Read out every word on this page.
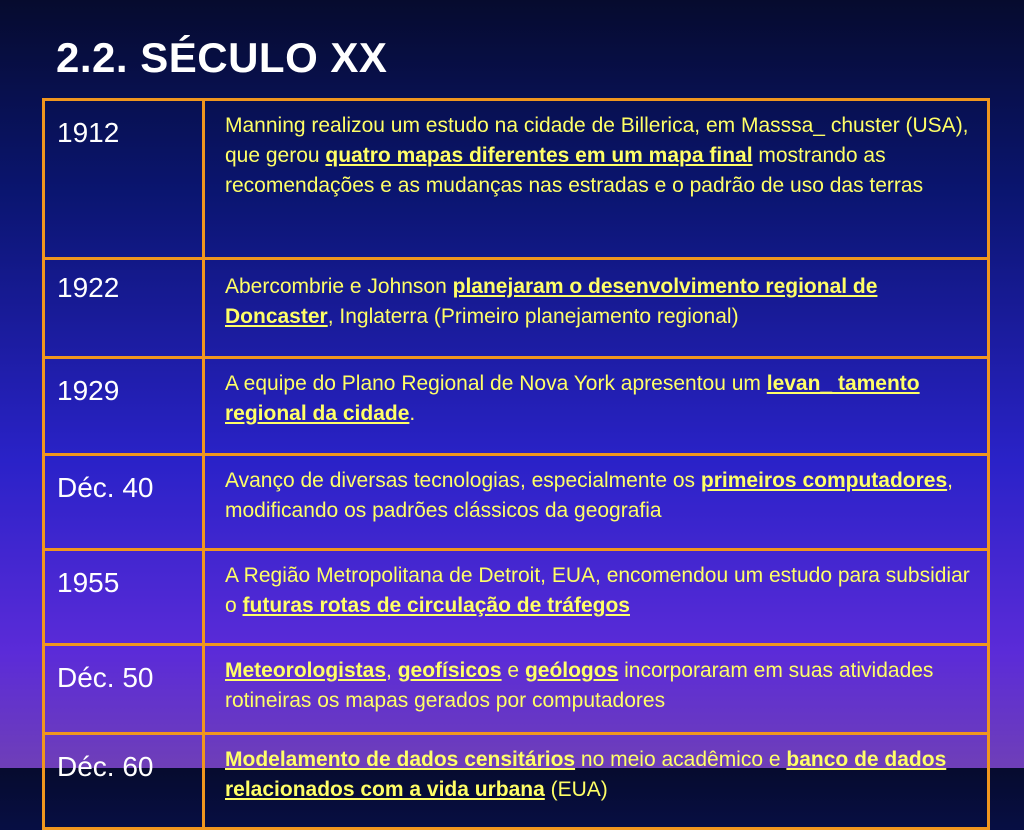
2.2. SÉCULO XX
1912	Manning realizou um estudo na cidade de Billerica, em Masssa_ chuster (USA), que gerou quatro mapas diferentes em um mapa final mostrando as recomendações e as mudanças nas estradas e o padrão de uso das terras
1922	Abercombrie e Johnson planejaram o desenvolvimento regional de Doncaster, Inglaterra (Primeiro planejamento regional)
1929	A equipe do Plano Regional de Nova York apresentou um levan_ tamento regional da cidade.
Déc. 40	Avanço de diversas tecnologias, especialmente os primeiros computadores, modificando os padrões clássicos da geografia
1955	A Região Metropolitana de Detroit, EUA, encomendou um estudo para subsidiar o futuras rotas de circulação de tráfegos
Déc. 50	Meteorologistas, geofísicos e geólogos incorporaram em suas atividades rotineiras os mapas gerados por computadores
Déc. 60	Modelamento de dados censitários no meio acadêmico e banco de dados relacionados com a vida urbana (EUA)
